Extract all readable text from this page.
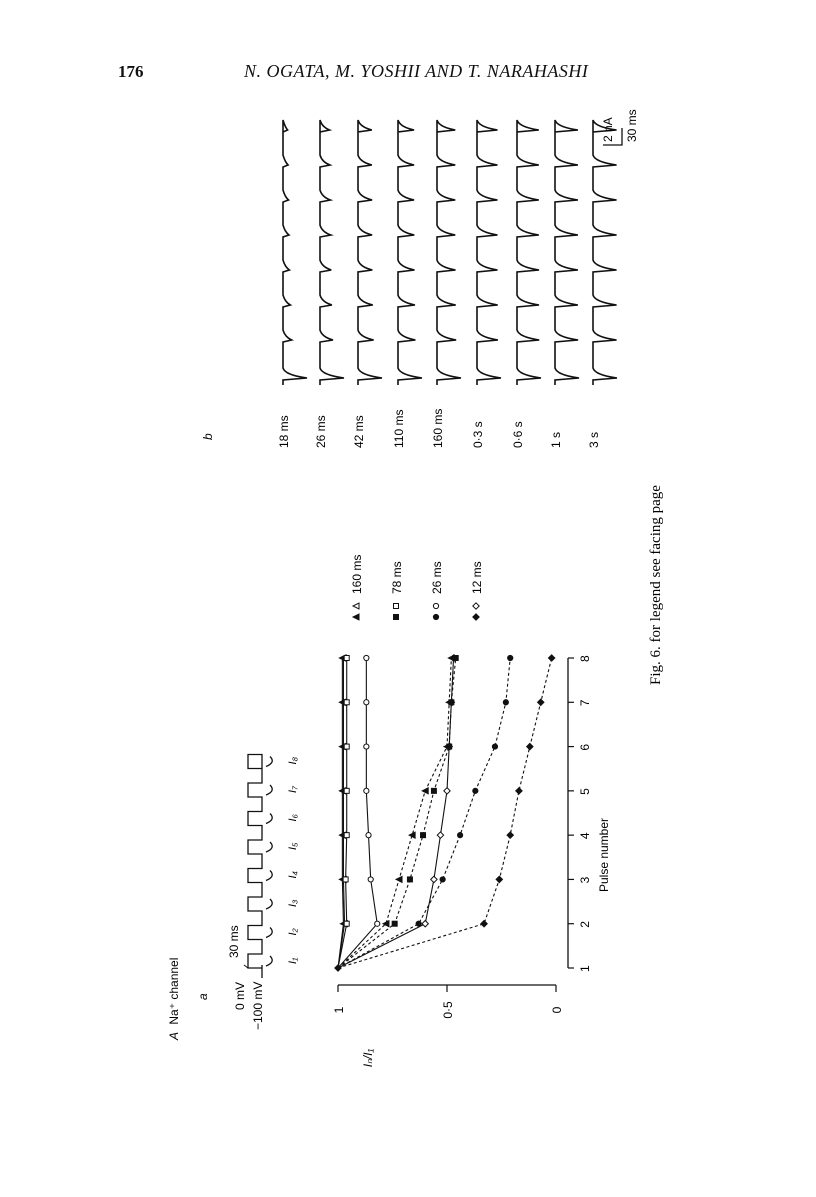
176	N. OGATA, M. YOSHII AND T. NARAHASHI
A Na⁺ channel a
30 ms
0 mV −100 mV
I₁
I₂
I₃
I₄
I₅
I₆
I₇
I₈
1
2
3
4
5
6
7
8
0
0·5
1
Pulse number
Iₙ/I₁
160 ms 78 ms 26 ms 12 ms
b	18 ms 26 ms 42 ms 110 ms 160 ms 0·3 s 0·6 s 1 s 3 s
2 nA 30 ms
Fig. 6. for legend see facing page
